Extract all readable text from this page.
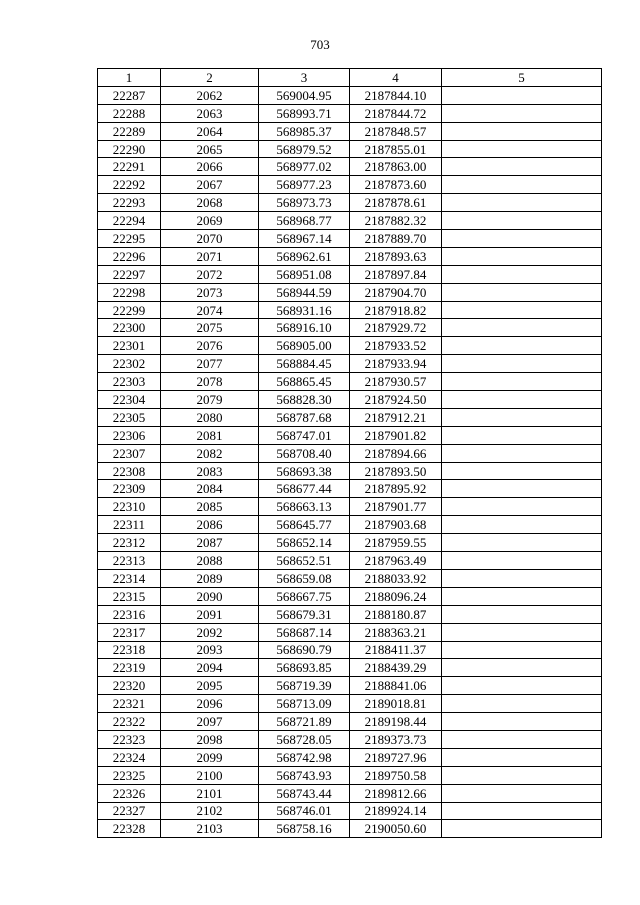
703
1	2	3	4	5
22287	2062	569004.95	2187844.10	
22288	2063	568993.71	2187844.72	
22289	2064	568985.37	2187848.57	
22290	2065	568979.52	2187855.01	
22291	2066	568977.02	2187863.00	
22292	2067	568977.23	2187873.60	
22293	2068	568973.73	2187878.61	
22294	2069	568968.77	2187882.32	
22295	2070	568967.14	2187889.70	
22296	2071	568962.61	2187893.63	
22297	2072	568951.08	2187897.84	
22298	2073	568944.59	2187904.70	
22299	2074	568931.16	2187918.82	
22300	2075	568916.10	2187929.72	
22301	2076	568905.00	2187933.52	
22302	2077	568884.45	2187933.94	
22303	2078	568865.45	2187930.57	
22304	2079	568828.30	2187924.50	
22305	2080	568787.68	2187912.21	
22306	2081	568747.01	2187901.82	
22307	2082	568708.40	2187894.66	
22308	2083	568693.38	2187893.50	
22309	2084	568677.44	2187895.92	
22310	2085	568663.13	2187901.77	
22311	2086	568645.77	2187903.68	
22312	2087	568652.14	2187959.55	
22313	2088	568652.51	2187963.49	
22314	2089	568659.08	2188033.92	
22315	2090	568667.75	2188096.24	
22316	2091	568679.31	2188180.87	
22317	2092	568687.14	2188363.21	
22318	2093	568690.79	2188411.37	
22319	2094	568693.85	2188439.29	
22320	2095	568719.39	2188841.06	
22321	2096	568713.09	2189018.81	
22322	2097	568721.89	2189198.44	
22323	2098	568728.05	2189373.73	
22324	2099	568742.98	2189727.96	
22325	2100	568743.93	2189750.58	
22326	2101	568743.44	2189812.66	
22327	2102	568746.01	2189924.14	
22328	2103	568758.16	2190050.60	
